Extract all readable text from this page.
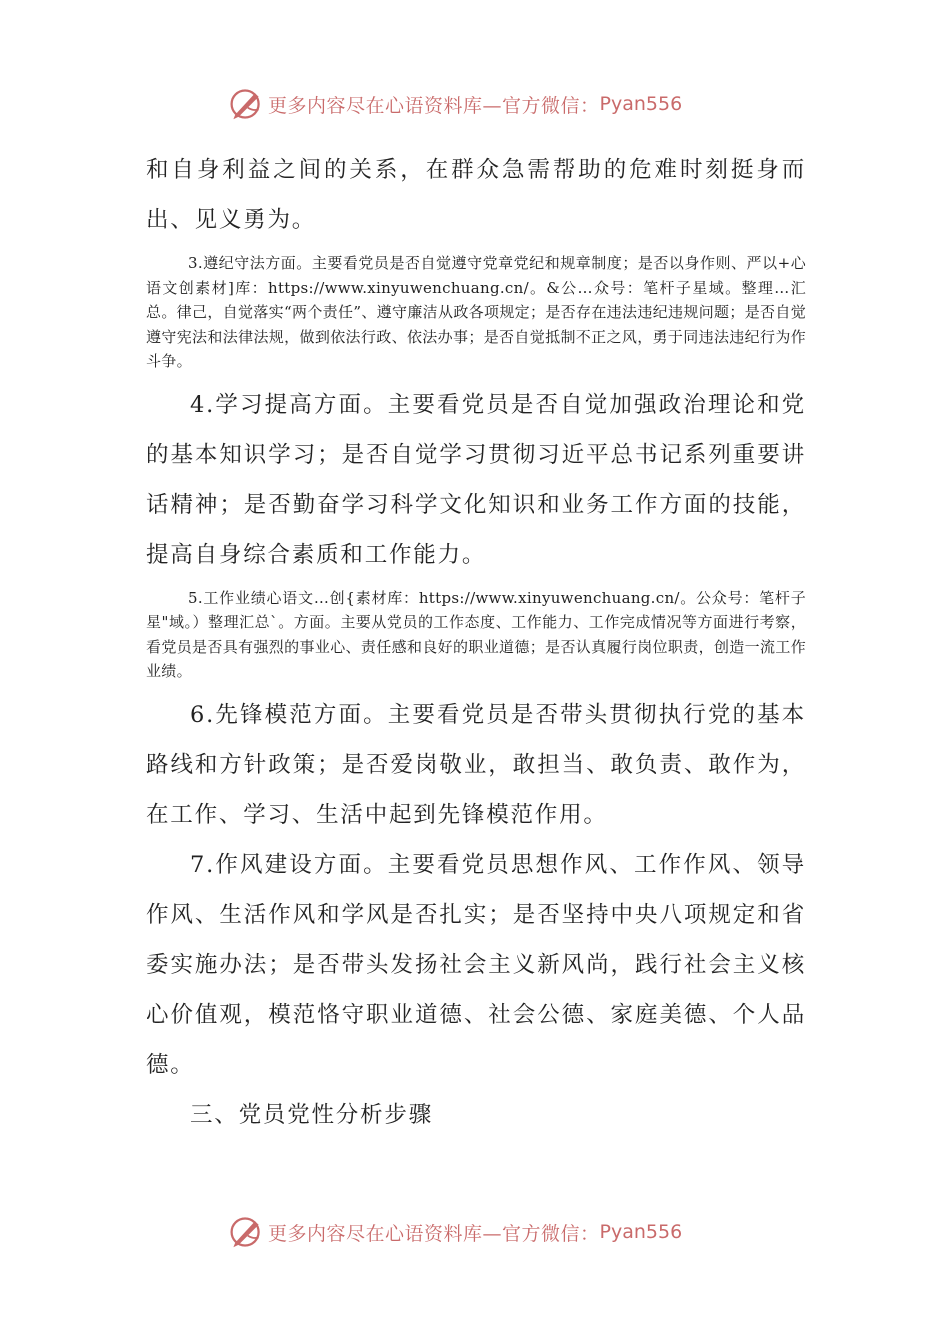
更多内容尽在心语资料库—官方微信： Pyan556

和自身利益之间的关系，在群众急需帮助的危难时刻挺身而出、见义勇为。

3.遵纪守法方面。主要看党员是否自觉遵守党章党纪和规章制度；是否以身作则、严以+心语文创素材]库：https://www.xinyuwenchuang.cn/。&公…众号：笔杆子星域。整理…汇总。律己，自觉落实“两个责任”、遵守廉洁从政各项规定；是否存在违法违纪违规问题；是否自觉遵守宪法和法律法规，做到依法行政、依法办事；是否自觉抵制不正之风，勇于同违法违纪行为作斗争。

4.学习提高方面。主要看党员是否自觉加强政治理论和党的基本知识学习；是否自觉学习贯彻习近平总书记系列重要讲话精神；是否勤奋学习科学文化知识和业务工作方面的技能，提高自身综合素质和工作能力。

5.工作业绩心语文…创{素材库：https://www.xinyuwenchuang.cn/。公众号：笔杆子星"域。）整理汇总`。方面。主要从党员的工作态度、工作能力、工作完成情况等方面进行考察，看党员是否具有强烈的事业心、责任感和良好的职业道德；是否认真履行岗位职责，创造一流工作业绩。

6.先锋模范方面。主要看党员是否带头贯彻执行党的基本路线和方针政策；是否爱岗敬业，敢担当、敢负责、敢作为，在工作、学习、生活中起到先锋模范作用。

7.作风建设方面。主要看党员思想作风、工作作风、领导作风、生活作风和学风是否扎实；是否坚持中央八项规定和省委实施办法；是否带头发扬社会主义新风尚，践行社会主义核心价值观，模范恪守职业道德、社会公德、家庭美德、个人品德。

三、党员党性分析步骤

更多内容尽在心语资料库—官方微信： Pyan556
